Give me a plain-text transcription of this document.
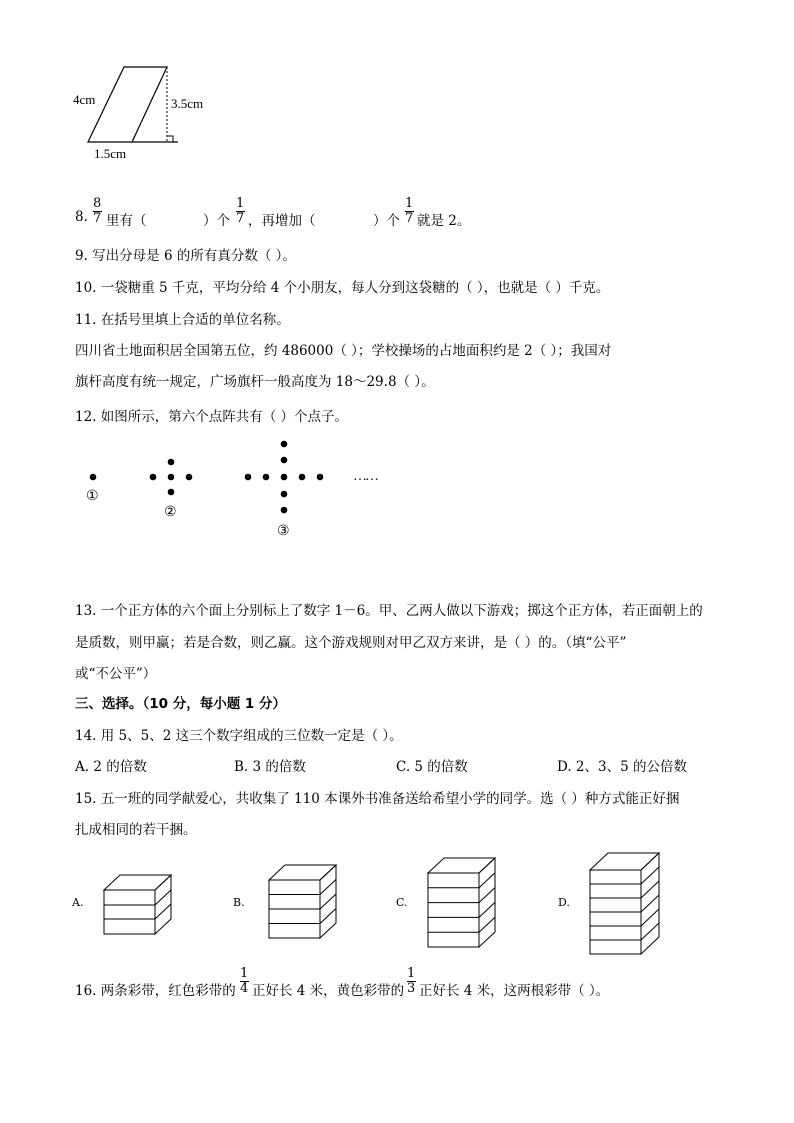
4cm	3.5cm
1.5cm
8.
8
7 里有（	）个
1
7 ，再增加（	）个
1
7 就是 2。
9. 写出分母是 6 的所有真分数（ ）。
10. 一袋糖重 5 千克，平均分给 4 个小朋友，每人分到这袋糖的（ ），也就是（ ）千克。
11. 在括号里填上合适的单位名称。
四川省土地面积居全国第五位，约 486000（ ）；学校操场的占地面积约是 2（ ）；我国对
旗杆高度有统一规定，广场旗杆一般高度为 18～29.8（ ）。
12. 如图所示，第六个点阵共有（ ）个点子。
①
②
③
……
13. 一个正方体的六个面上分别标上了数字 1－6。甲、乙两人做以下游戏；掷这个正方体，若正面朝上的
是质数，则甲赢；若是合数，则乙赢。这个游戏规则对甲乙双方来讲，是（ ）的。（填“公平”
或“不公平”）
三、选择。（10 分，每小题 1 分）
14. 用 5、5、2 这三个数字组成的三位数一定是（ ）。
A. 2 的倍数	B. 3 的倍数	C. 5 的倍数	D. 2、3、5 的公倍数
15. 五一班的同学献爱心，共收集了 110 本课外书准备送给希望小学的同学。选（ ）种方式能正好捆
扎成相同的若干捆。
A.	B.	C.	D.
16. 两条彩带，红色彩带的
1
4 正好长 4 米，黄色彩带的
1
3 正好长 4 米，这两根彩带（ ）。
